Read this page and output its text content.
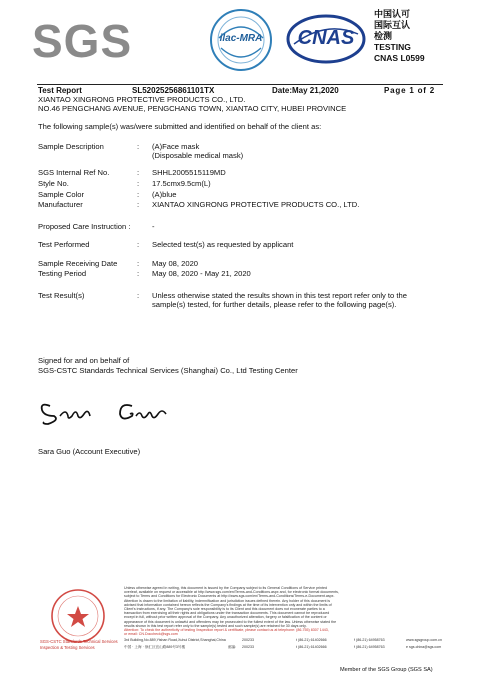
SGS	ilac-MRA	CNAS
中国认可
国际互认
检测
TESTING
CNAS L0599
Test Report	SL52025256861101TX	Date:May 21,2020	Page 1 of 2
XIANTAO XINGRONG PROTECTIVE PRODUCTS CO., LTD.
NO.46 PENGCHANG AVENUE, PENGCHANG TOWN, XIANTAO CITY, HUBEI PROVINCE
The following sample(s) was/were submitted and identified on behalf of the client as:
Sample Description	: (A)Face mask
(Disposable medical mask)
SGS Internal Ref No.	: SHHL2005515119MD
Style No.	: 17.5cmx9.5cm(L)
Sample Color	: (A)blue
Manufacturer	: XIANTAO XINGRONG PROTECTIVE PRODUCTS CO., LTD.
Proposed Care Instruction :	-
Test Performed	: Selected test(s) as requested by applicant
Sample Receiving Date	: May 08, 2020
Testing Period	: May 08, 2020 - May 21, 2020
Test Result(s)	: Unless otherwise stated the results shown in this test report refer only to the
sample(s) tested, for further details, please refer to the following page(s).
Signed for and on behalf of
SGS-CSTC Standards Technical Services (Shanghai) Co., Ltd Testing Center
Sara Guo (Account Executive)
SGS-CSTC Standards Technical Services
Inspection & Testing Services
Unless otherwise agreed in writing, this document is issued by the Company subject to its General Conditions of Service printed
overleaf, available on request or accessible at http://www.sgs.com/en/Terms-and-Conditions.aspx and, for electronic format documents,
subject to Terms and Conditions for Electronic Documents at http://www.sgs.com/en/Terms-and-Conditions/Terms-e-Document.aspx.
Attention is drawn to the limitation of liability, indemnification and jurisdiction issues defined therein. Any holder of this document is
advised that information contained hereon reflects the Company's findings at the time of its intervention only and within the limits of
Client's instructions, if any. The Company's sole responsibility is to its Client and this document does not exonerate parties to a
transaction from exercising all their rights and obligations under the transaction documents. This document cannot be reproduced
except in full, without prior written approval of the Company. Any unauthorized alteration, forgery or falsification of the content or
appearance of this document is unlawful and offenders may be prosecuted to the fullest extent of the law. Unless otherwise stated the
results shown in this test report refer only to the sample(s) tested and such sample(s) are retained for 30 days only.
Attention: To check the authenticity of testing /inspection report & certificate, please contact us at telephone: (86-755) 8307 1443,
or email: CN.Doccheck@sgs.com
3rd Building,No.889,Yishan Road,Xuhui District,Shanghai,China	200233	t (86-21) 61402666	f (86-21) 64958763	www.sgsgroup.com.cn
中国 · 上海 · 徐汇区宜山路889号3号楼	邮编: 200233	t (86-21) 61402666	f (86-21) 64958763	e sgs.china@sgs.com
Member of the SGS Group (SGS SA)
